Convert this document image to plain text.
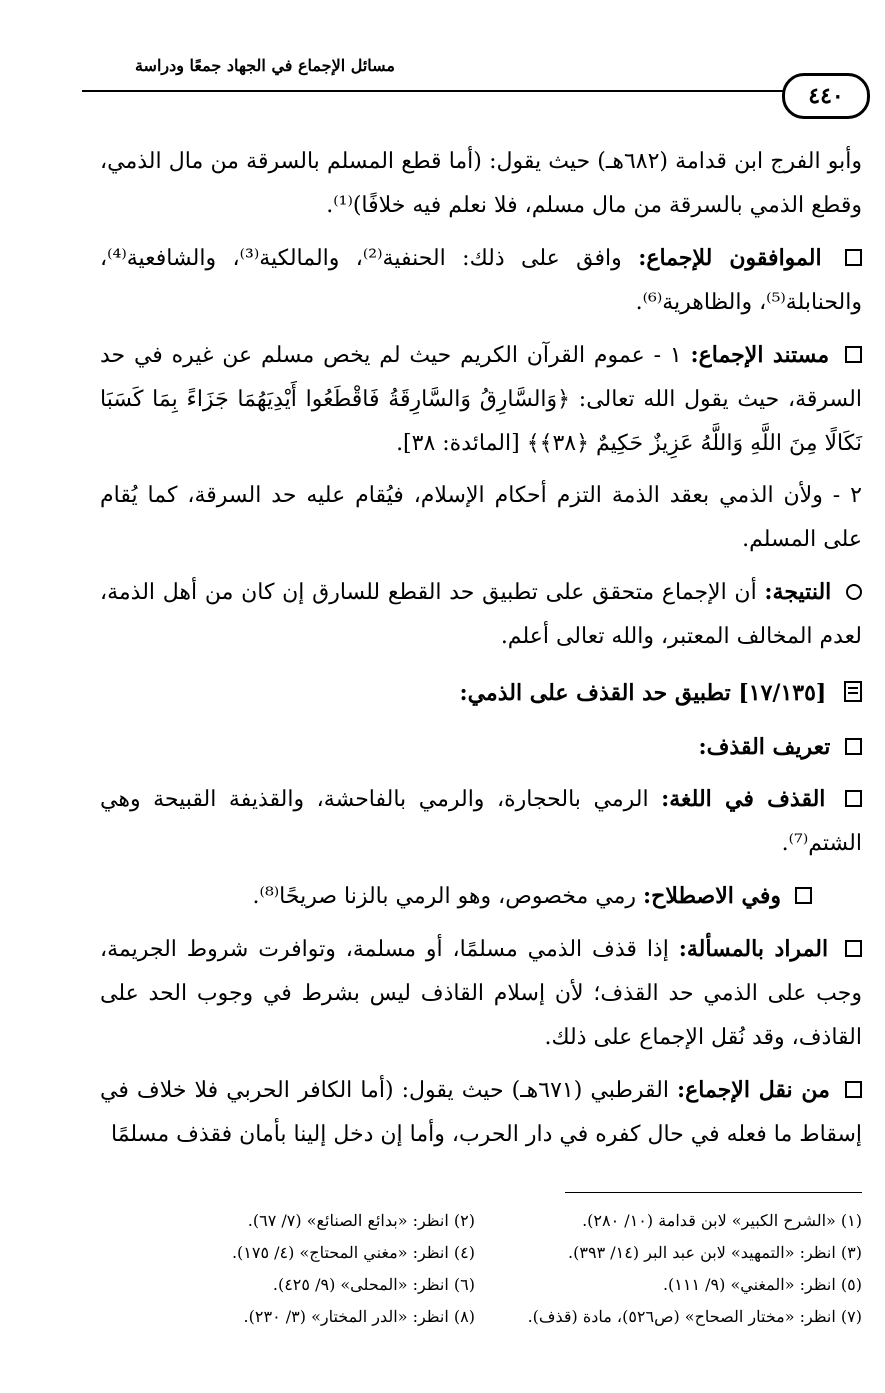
مسائل الإجماع في الجهاد جمعًا ودراسة
٤٤٠

وأبو الفرج ابن قدامة (٦٨٢هـ) حيث يقول: (أما قطع المسلم بالسرقة من مال الذمي، وقطع الذمي بالسرقة من مال مسلم، فلا نعلم فيه خلافًا)⁽¹⁾.

الموافقون للإجماع: وافق على ذلك: الحنفية⁽²⁾، والمالكية⁽³⁾، والشافعية⁽⁴⁾، والحنابلة⁽⁵⁾، والظاهرية⁽⁶⁾.

مستند الإجماع: ١ - عموم القرآن الكريم حيث لم يخص مسلم عن غيره في حد السرقة، حيث يقول الله تعالى: ﴿وَالسَّارِقُ وَالسَّارِقَةُ فَاقْطَعُوا أَيْدِيَهُمَا جَزَاءً بِمَا كَسَبَا نَكَالًا مِنَ اللَّهِ وَاللَّهُ عَزِيزٌ حَكِيمٌ ﴿٣٨﴾﴾ [المائدة: ٣٨].

٢ - ولأن الذمي بعقد الذمة التزم أحكام الإسلام، فيُقام عليه حد السرقة، كما يُقام على المسلم.

النتيجة: أن الإجماع متحقق على تطبيق حد القطع للسارق إن كان من أهل الذمة، لعدم المخالف المعتبر، والله تعالى أعلم.

[١٧/١٣٥] تطبيق حد القذف على الذمي:

تعريف القذف:

القذف في اللغة: الرمي بالحجارة، والرمي بالفاحشة، والقذيفة القبيحة وهي الشتم⁽⁷⁾.

وفي الاصطلاح: رمي مخصوص، وهو الرمي بالزنا صريحًا⁽⁸⁾.

المراد بالمسألة: إذا قذف الذمي مسلمًا، أو مسلمة، وتوافرت شروط الجريمة، وجب على الذمي حد القذف؛ لأن إسلام القاذف ليس بشرط في وجوب الحد على القاذف، وقد نُقل الإجماع على ذلك.

من نقل الإجماع: القرطبي (٦٧١هـ) حيث يقول: (أما الكافر الحربي فلا خلاف في إسقاط ما فعله في حال كفره في دار الحرب، وأما إن دخل إلينا بأمان فقذف مسلمًا

(١) «الشرح الكبير» لابن قدامة (١٠/ ٢٨٠).
(٢) انظر: «بدائع الصنائع» (٧/ ٦٧).
(٣) انظر: «التمهيد» لابن عبد البر (١٤/ ٣٩٣).
(٤) انظر: «مغني المحتاج» (٤/ ١٧٥).
(٥) انظر: «المغني» (٩/ ١١١).
(٦) انظر: «المحلى» (٩/ ٤٢٥).
(٧) انظر: «مختار الصحاح» (ص٥٢٦)، مادة (قذف).
(٨) انظر: «الدر المختار» (٣/ ٢٣٠).
